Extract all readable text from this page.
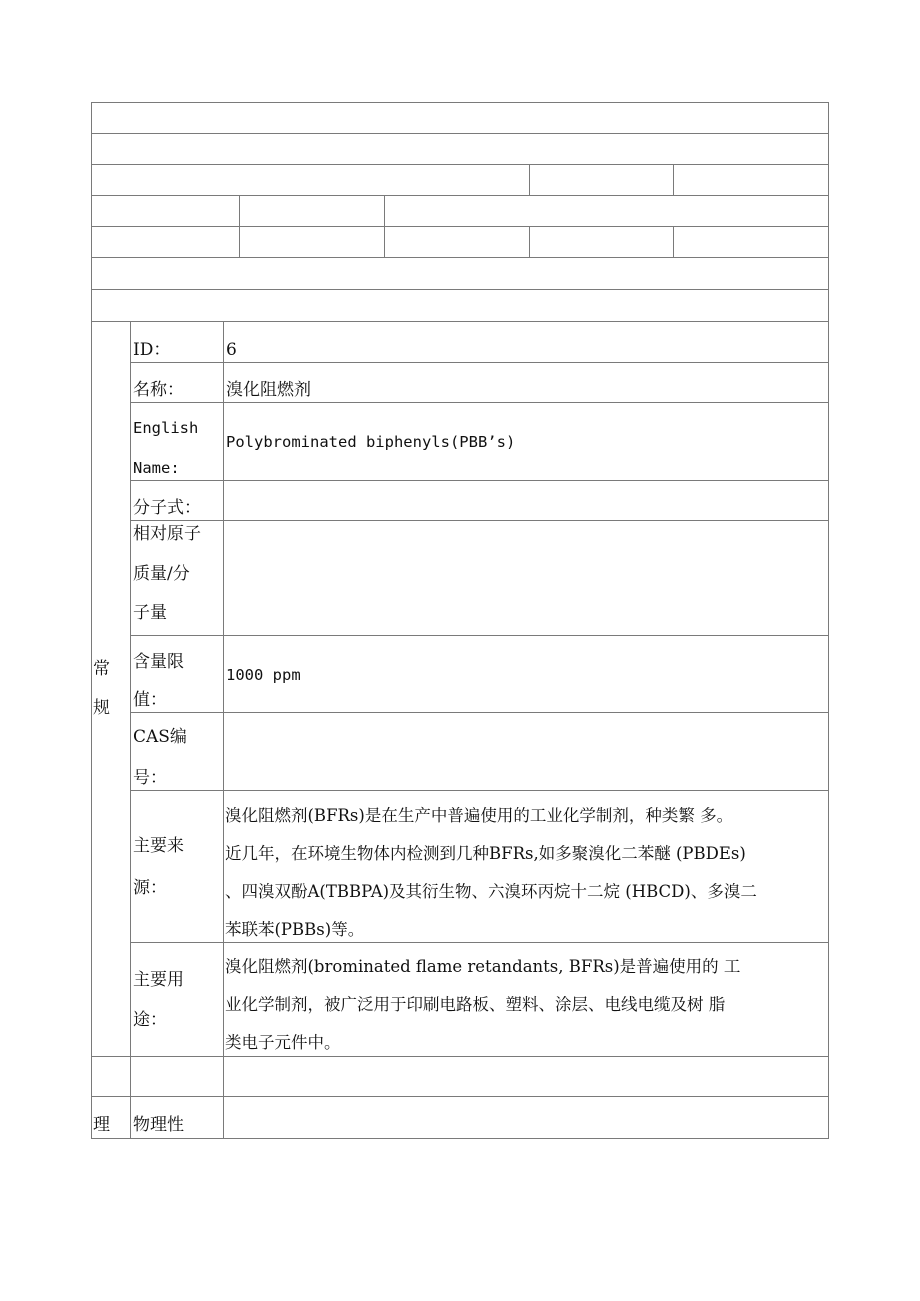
常
规
理
ID：	6
名称： 溴化阻燃剂
English
Name:
Polybrominated biphenyls(PBB’s)
分子式：
相对原子
质量/分
子量
含量限
值：
1000 ppm
CAS编
号：
主要来
源：
溴化阻燃剂(BFRs)是在生产中普遍使用的工业化学制剂，种类繁 多。
近几年，在环境生物体内检测到几种BFRs,如多聚溴化二苯醚 (PBDEs)
、四溴双酚A(TBBPA)及其衍生物、六溴环丙烷十二烷 (HBCD)、多溴二
苯联苯(PBBs)等。
主要用
途：
溴化阻燃剂(brominated flame retandants, BFRs)是普遍使用的 工
业化学制剂，被广泛用于印刷电路板、塑料、涂层、电线电缆及树 脂
类电子元件中。
物理性
